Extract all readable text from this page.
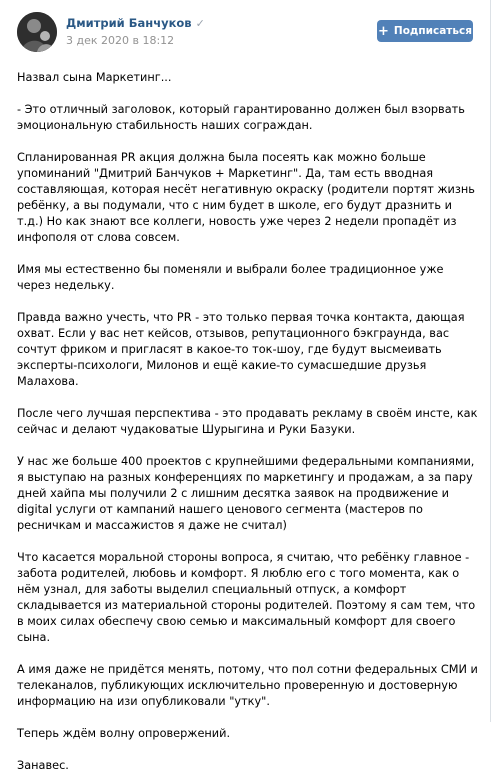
Дмитрий Банчуков ✓
3 дек 2020 в 18:12
+ Подписаться

Назвал сына Маркетинг...

- Это отличный заголовок, который гарантированно должен был взорвать эмоциональную стабильность наших сограждан.

Спланированная PR акция должна была посеять как можно больше упоминаний "Дмитрий Банчуков + Маркетинг". Да, там есть вводная составляющая, которая несёт негативную окраску (родители портят жизнь ребёнку, а вы подумали, что с ним будет в школе, его будут дразнить и т.д.) Но как знают все коллеги, новость уже через 2 недели пропадёт из инфополя от слова совсем.

Имя мы естественно бы поменяли и выбрали более традиционное уже через недельку.

Правда важно учесть, что PR - это только первая точка контакта, дающая охват. Если у вас нет кейсов, отзывов, репутационного бэкграунда, вас сочтут фриком и пригласят в какое-то ток-шоу, где будут высмеивать эксперты-психологи, Милонов и ещё какие-то сумасшедшие друзья Малахова.

После чего лучшая перспектива - это продавать рекламу в своём инсте, как сейчас и делают чудаковатые Шурыгина и Руки Базуки.

У нас же больше 400 проектов с крупнейшими федеральными компаниями, я выступаю на разных конференциях по маркетингу и продажам, а за пару дней хайпа мы получили 2 с лишним десятка заявок на продвижение и digital услуги от кампаний нашего ценового сегмента (мастеров по ресничкам и массажистов я даже не считал)

Что касается моральной стороны вопроса, я считаю, что ребёнку главное - забота родителей, любовь и комфорт. Я люблю его с того момента, как о нём узнал, для заботы выделил специальный отпуск, а комфорт складывается из материальной стороны родителей. Поэтому я сам тем, что в моих силах обеспечу свою семью и максимальный комфорт для своего сына.

А имя даже не придётся менять, потому, что пол сотни федеральных СМИ и телеканалов, публикующих исключительно проверенную и достоверную информацию на изи опубликовали "утку".

Теперь ждём волну опровержений.

Занавес.
